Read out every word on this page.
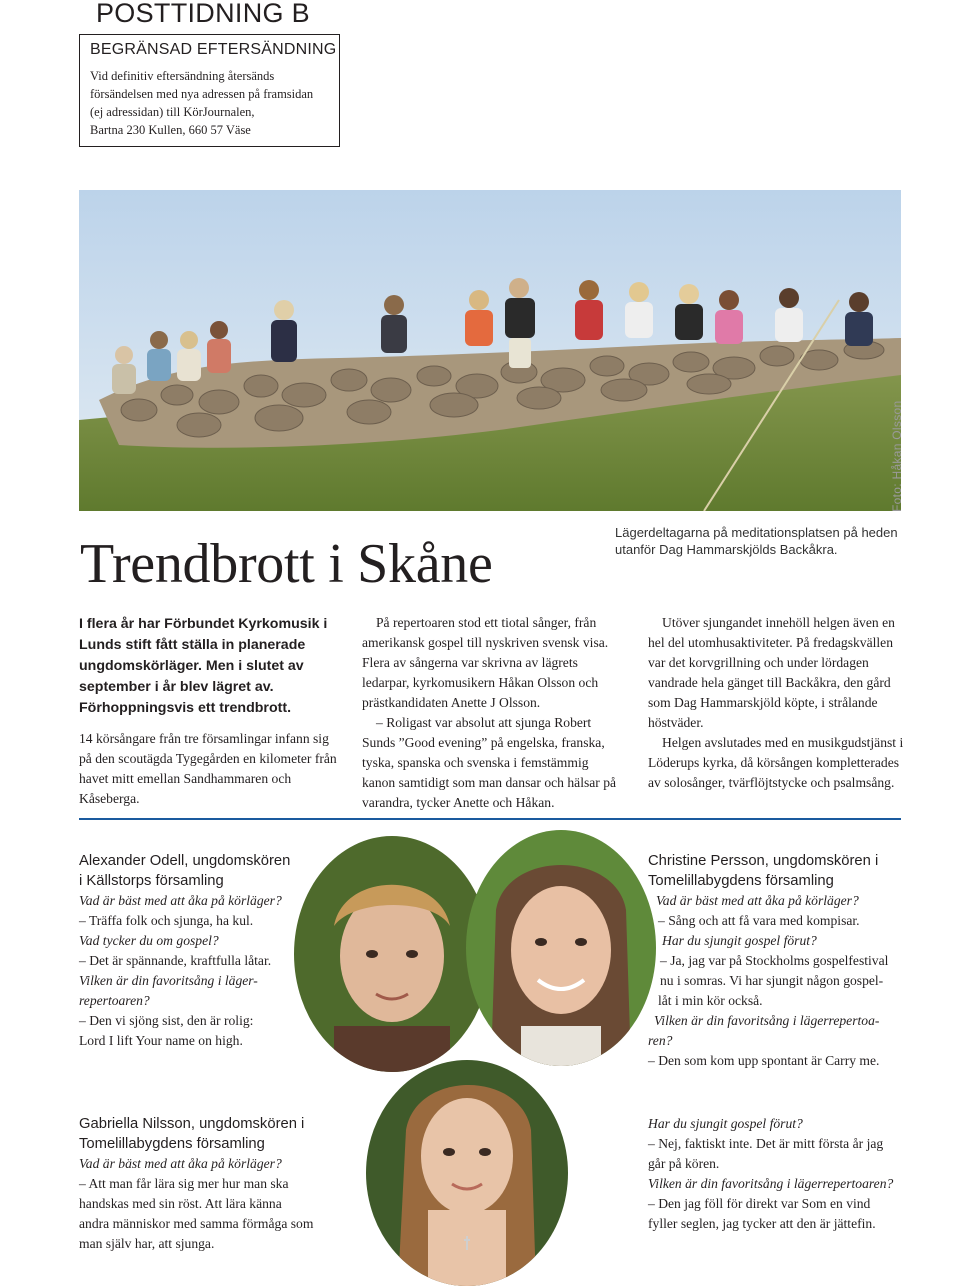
POSTTIDNING B
BEGRÄNSAD EFTERSÄNDNING
Vid definitiv eftersändning återsänds
försändelsen med nya adressen på framsidan
(ej adressidan) till KörJournalen,
Bartna 230 Kullen, 660 57 Väse
Foto: Håkan Olsson
Lägerdeltagarna på meditationsplatsen på heden utanför Dag Hammarskjölds Backåkra.
Trendbrott i Skåne
I flera år har Förbundet Kyrkomusik i Lunds stift fått ställa in planerade ungdomskörläger. Men i slutet av september i år blev lägret av. Förhoppningsvis ett trendbrott.

14 körsångare från tre församlingar infann sig på den scoutägda Tygegården en kilometer från havet mitt emellan Sandhammaren och Kåseberga.

På repertoaren stod ett tiotal sånger, från amerikansk gospel till nyskriven svensk visa. Flera av sångerna var skrivna av lägrets ledarpar, kyrkomusikern Håkan Olsson och prästkandidaten Anette J Olsson.

– Roligast var absolut att sjunga Robert Sunds ”Good evening” på engelska, franska, tyska, spanska och svenska i femstämmig kanon samtidigt som man dansar och hälsar på varandra, tycker Anette och Håkan.

Utöver sjungandet innehöll helgen även en hel del utomhusaktiviteter. På fredagskvällen var det korvgrillning och under lördagen vandrade hela gänget till Backåkra, den gård som Dag Hammarskjöld köpte, i strålande höstväder.

Helgen avslutades med en musikgudstjänst i Löderups kyrka, då körsången kompletterades av solosånger, tvärflöjtstycke och psalmsång.

Alexander Odell, ungdomskören
i Källstorps församling
Vad är bäst med att åka på körläger?
– Träffa folk och sjunga, ha kul.
Vad tycker du om gospel?
– Det är spännande, kraftfulla låtar.
Vilken är din favoritsång i läger-
repertoaren?
– Den vi sjöng sist, den är rolig:
Lord I lift Your name on high.
Christine Persson, ungdomskören i
Tomelillabygdens församling
Vad är bäst med att åka på körläger?
– Sång och att få vara med kompisar.
Har du sjungit gospel förut?
– Ja, jag var på Stockholms gospelfestival
nu i somras. Vi har sjungit någon gospel-
låt i min kör också.
Vilken är din favoritsång i lägerrepertoa-
ren?
– Den som kom upp spontant är Carry me.
Gabriella Nilsson, ungdomskören i
Tomelillabygdens församling
Vad är bäst med att åka på körläger?
– Att man får lära sig mer hur man ska
handskas med sin röst. Att lära känna
andra människor med samma förmåga som
man själv har, att sjunga.
Har du sjungit gospel förut?
– Nej, faktiskt inte. Det är mitt första år jag
går på kören.
Vilken är din favoritsång i lägerrepertoaren?
– Den jag föll för direkt var Som en vind
fyller seglen, jag tycker att den är jättefin.
